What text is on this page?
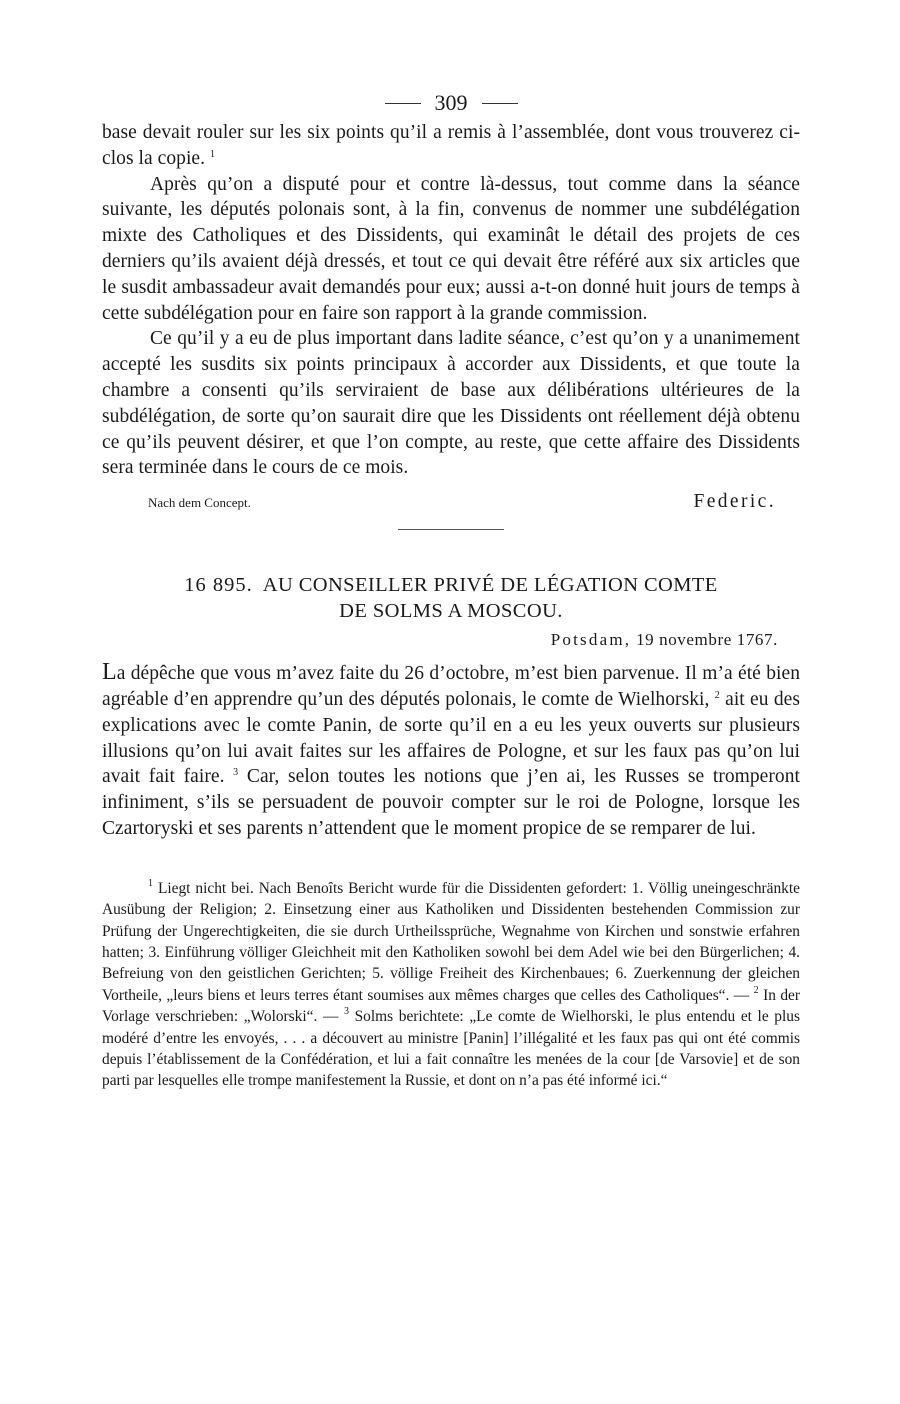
309

base devait rouler sur les six points qu’il a remis à l’assemblée, dont vous trouverez ci-clos la copie. $^1$

Après qu’on a disputé pour et contre là-dessus, tout comme dans la séance suivante, les députés polonais sont, à la fin, convenus de nommer une subdélégation mixte des Catholiques et des Dissidents, qui examinât le détail des projets de ces derniers qu’ils avaient déjà dressés, et tout ce qui devait être référé aux six articles que le susdit ambassadeur avait demandés pour eux; aussi a-t-on donné huit jours de temps à cette subdélégation pour en faire son rapport à la grande commission.

Ce qu’il y a eu de plus important dans ladite séance, c’est qu’on y a unanimement accepté les susdits six points principaux à accorder aux Dissidents, et que toute la chambre a consenti qu’ils serviraient de base aux délibérations ultérieures de la subdélégation, de sorte qu’on saurait dire que les Dissidents ont réellement déjà obtenu ce qu’ils peuvent désirer, et que l’on compte, au reste, que cette affaire des Dissidents sera terminée dans le cours de ce mois.

Nach dem Concept.	Federic.
16 895. AU CONSEILLER PRIVÉ DE LÉGATION COMTE
DE SOLMS A MOSCOU.
Potsdam, 19 novembre 1767.

La dépêche que vous m’avez faite du 26 d’octobre, m’est bien parvenue. Il m’a été bien agréable d’en apprendre qu’un des députés polonais, le comte de Wielhorski, $^2$ ait eu des explications avec le comte Panin, de sorte qu’il en a eu les yeux ouverts sur plusieurs illusions qu’on lui avait faites sur les affaires de Pologne, et sur les faux pas qu’on lui avait fait faire. $^3$ Car, selon toutes les notions que j’en ai, les Russes se tromperont infiniment, s’ils se persuadent de pouvoir compter sur le roi de Pologne, lorsque les Czartoryski et ses parents n’attendent que le moment propice de se remparer de lui.

$^1$ Liegt nicht bei. Nach Benoîts Bericht wurde für die Dissidenten gefordert: 1. Völlig uneingeschränkte Ausübung der Religion; 2. Einsetzung einer aus Katholiken und Dissidenten bestehenden Commission zur Prüfung der Ungerechtigkeiten, die sie durch Urtheilssprüche, Wegnahme von Kirchen und sonstwie erfahren hatten; 3. Einführung völliger Gleichheit mit den Katholiken sowohl bei dem Adel wie bei den Bürgerlichen; 4. Befreiung von den geistlichen Gerichten; 5. völlige Freiheit des Kirchenbaues; 6. Zuerkennung der gleichen Vortheile, „leurs biens et leurs terres étant soumises aux mêmes charges que celles des Catholiques“. — $^2$ In der Vorlage verschrieben: „Wolorski“. — $^3$ Solms berichtete: „Le comte de Wielhorski, le plus entendu et le plus modéré d’entre les envoyés, . . . a découvert au ministre [Panin] l’illégalité et les faux pas qui ont été commis depuis l’établissement de la Confédération, et lui a fait connaître les menées de la cour [de Varsovie] et de son parti par lesquelles elle trompe manifestement la Russie, et dont on n’a pas été informé ici.“
